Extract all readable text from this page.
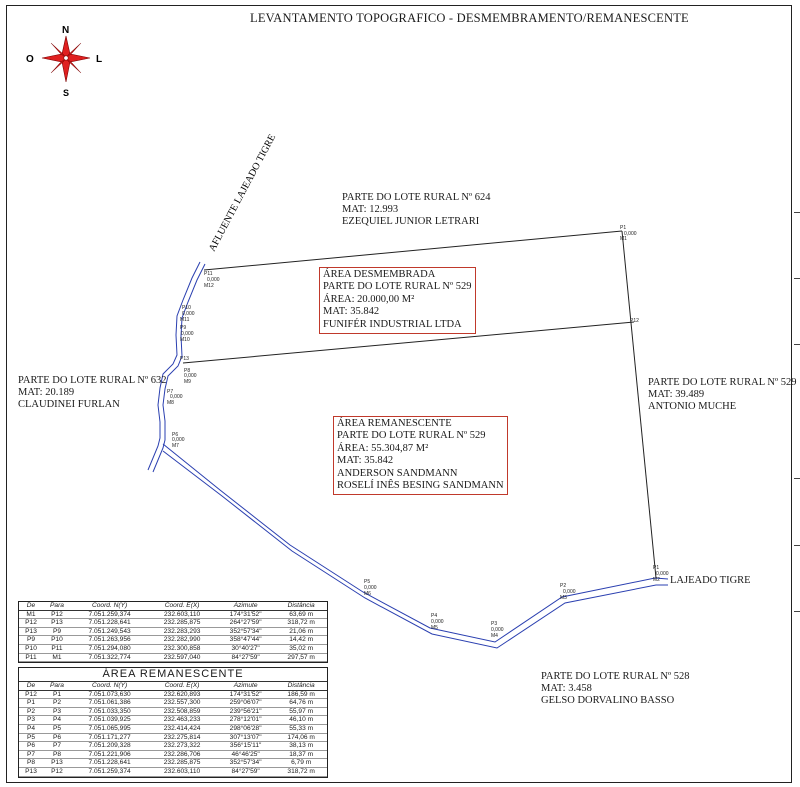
LEVANTAMENTO TOPOGRAFICO - DESMEMBRAMENTO/REMANESCENTE
N
S
O	L
P1
0,000
M1
P12
P11
0,000
M12
P10
0,000
M11
P9
0,000
M10
P13
P8
0,000
M9
P7
0,000
M8
P6
0,000
M7
P5
0,000
M6
P4
0,000
M5
P3
0,000
M4
P2
0,000
M3
P1
0,000
M2
AFLUENTE LAJEADO TIGRE
LAJEADO TIGRE
PARTE DO LOTE RURAL Nº 624
MAT: 12.993
EZEQUIEL JUNIOR LETRARI
PARTE DO LOTE RURAL Nº 632
MAT: 20.189
CLAUDINEI FURLAN
PARTE DO LOTE RURAL Nº 529
MAT: 39.489
ANTONIO MUCHE
PARTE DO LOTE RURAL Nº 528
MAT: 3.458
GELSO DORVALINO BASSO
ÁREA DESMEMBRADA
PARTE DO LOTE RURAL Nº 529
ÁREA: 20.000,00 M²
MAT: 35.842
FUNIFÉR INDUSTRIAL LTDA
ÁREA REMANESCENTE
PARTE DO LOTE RURAL Nº 529
ÁREA: 55.304,87 M²
MAT: 35.842
ANDERSON SANDMANN
ROSELÍ INÊS BESING SANDMANN
De	Para	Coord. N(Y)	Coord. E(X)	Azimute	Distância
M1	P12	7.051.259,374	232.603,110	174°31'52"	63,69 m
P12	P13	7.051.228,641	232.285,875	264°27'59"	318,72 m
P13	P9	7.051.249,543	232.283,293	352°57'34"	21,06 m
P9	P10	7.051.263,956	232.282,990	358°47'44"	14,42 m
P10	P11	7.051.294,080	232.300,858	30°40'27"	35,02 m
P11	M1	7.051.322,774	232.597,040	84°27'59"	297,57 m
ÁREA REMANESCENTE					
De	Para	Coord. N(Y)	Coord. E(X)	Azimute	Distância
P12	P1	7.051.073,630	232.620,893	174°31'52"	186,59 m
P1	P2	7.051.061,386	232.557,300	259°06'07"	64,76 m
P2	P3	7.051.033,350	232.508,859	239°56'21"	55,97 m
P3	P4	7.051.039,925	232.463,233	278°12'01"	46,10 m
P4	P5	7.051.065,995	232.414,424	298°06'28"	55,33 m
P5	P6	7.051.171,277	232.275,814	307°13'07"	174,06 m
P6	P7	7.051.209,328	232.273,322	356°15'11"	38,13 m
P7	P8	7.051.221,906	232.286,706	46°46'25"	18,37 m
P8	P13	7.051.228,641	232.285,875	352°57'34"	6,79 m
P13	P12	7.051.259,374	232.603,110	84°27'59"	318,72 m
